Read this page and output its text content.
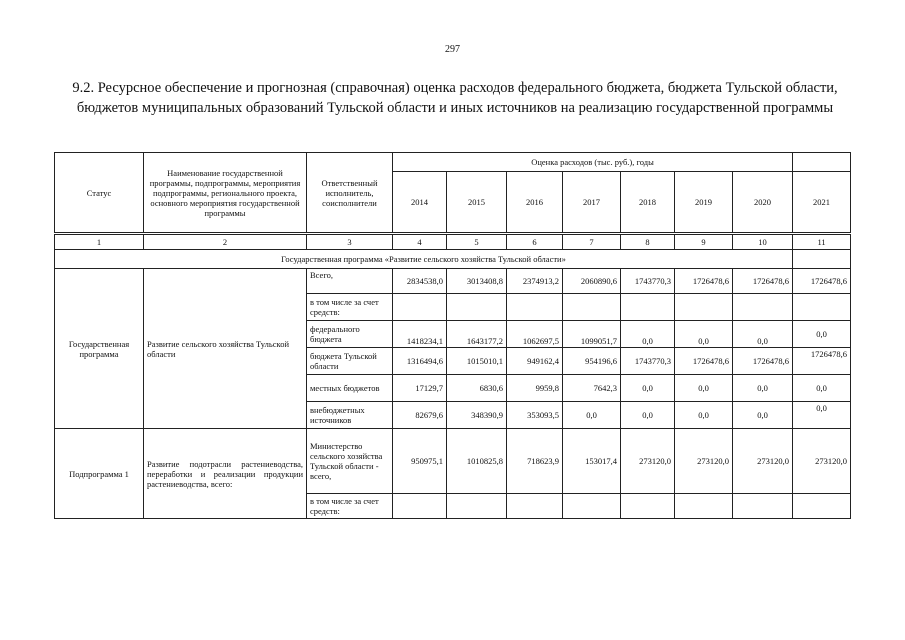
297
9.2. Ресурсное обеспечение и прогнозная (справочная) оценка расходов федерального бюджета, бюджета Тульской области, бюджетов муниципальных образований Тульской области и иных источников на реализацию государственной программы
Статус	Наименование государственной программы, подпрограммы, мероприятия подпрограммы, регионального проекта, основного мероприятия государственной программы	Ответственный исполнитель, соисполнители	Оценка расходов (тыс. руб.), годы							
			2014	2015	2016	2017	2018	2019	2020	2021

1	2	3	4	5	6	7	8	9	10	11
Государственная программа «Развитие сельского хозяйства Тульской области»										
Государственная программа	Развитие сельского хозяйства Тульской области	Всего,	2834538,0	3013408,8	2374913,2	2060890,6	1743770,3	1726478,6	1726478,6	1726478,6
		в том числе за счет средств:								
		федерального бюджета	1418234,1	1643177,2	1062697,5	1099051,7	0,0	0,0	0,0	0,0
		бюджета Тульской области	1316494,6	1015010,1	949162,4	954196,6	1743770,3	1726478,6	1726478,6	1726478,6
		местных бюджетов	17129,7	6830,6	9959,8	7642,3	0,0	0,0	0,0	0,0
		внебюджетных источников	82679,6	348390,9	353093,5	0,0	0,0	0,0	0,0	0,0
Подпрограмма 1	Развитие подотрасли растениеводства, переработки и реализации продукции растениеводства, всего:	Министерство сельского хозяйства Тульской области - всего,	950975,1	1010825,8	718623,9	153017,4	273120,0	273120,0	273120,0	273120,0
		в том числе за счет средств:								
